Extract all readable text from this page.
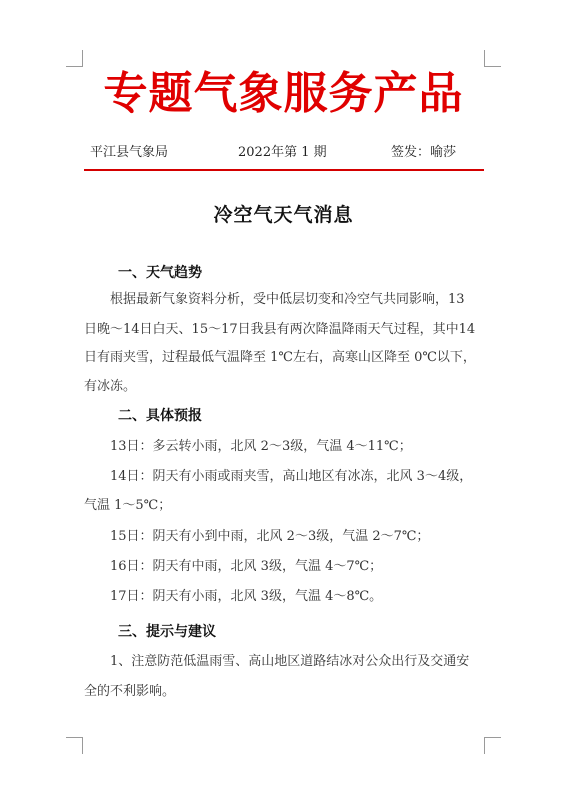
专题气象服务产品
平江县气象局	2022年第 1 期	签发：喻莎
冷空气天气消息
一、天气趋势
根据最新气象资料分析，受中低层切变和冷空气共同影响，13
日晚～14日白天、15～17日我县有两次降温降雨天气过程，其中14
日有雨夹雪，过程最低气温降至 1℃左右，高寒山区降至 0℃以下，
有冰冻。
二、具体预报
13日：多云转小雨，北风 2～3级，气温 4～11℃；
14日：阴天有小雨或雨夹雪，高山地区有冰冻，北风 3～4级，
气温 1～5℃；
15日：阴天有小到中雨，北风 2～3级，气温 2～7℃；
16日：阴天有中雨，北风 3级，气温 4～7℃；
17日：阴天有小雨，北风 3级，气温 4～8℃。
三、提示与建议
1、注意防范低温雨雪、高山地区道路结冰对公众出行及交通安
全的不利影响。
